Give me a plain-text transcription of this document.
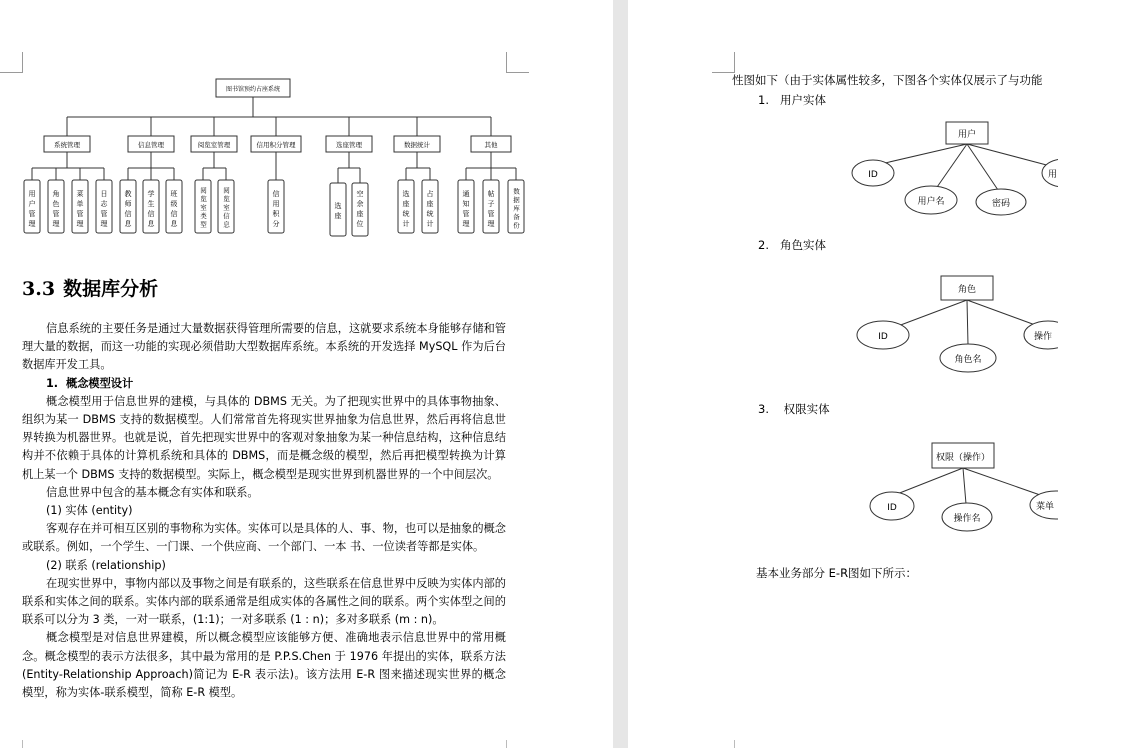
图书馆预约占座系统
系统管理
用户管理 角色管理 菜单管理 日志管理
信息管理
教师信息 学生信息 班级信息
阅览室管理
阅览室类型 阅览室信息
信用积分管理
信用积分
选座管理
选座 空余座位
数据统计
选座统计 占座统计
其他
通知管理 帖子管理	数据库备份
3.3 数据库分析

信息系统的主要任务是通过大量数据获得管理所需要的信息，这就要求系统本身能够存储和管理大量的数据，而这一功能的实现必须借助大型数据库系统。本系统的开发选择 MySQL 作为后台数据库开发工具。

1. 概念模型设计

概念模型用于信息世界的建模，与具体的 DBMS 无关。为了把现实世界中的具体事物抽象、组织为某一 DBMS 支持的数据模型。人们常常首先将现实世界抽象为信息世界，然后再将信息世界转换为机器世界。也就是说，首先把现实世界中的客观对象抽象为某一种信息结构，这种信息结构并不依赖于具体的计算机系统和具体的 DBMS，而是概念级的模型，然后再把模型转换为计算机上某一个 DBMS 支持的数据模型。实际上，概念模型是现实世界到机器世界的一个中间层次。

信息世界中包含的基本概念有实体和联系。

(1) 实体 (entity)

客观存在并可相互区别的事物称为实体。实体可以是具体的人、事、物，也可以是抽象的概念或联系。例如，一个学生、一门课、一个供应商、一个部门、一本 书、一位读者等都是实体。

(2) 联系 (relationship)

在现实世界中，事物内部以及事物之间是有联系的，这些联系在信息世界中反映为实体内部的联系和实体之间的联系。实体内部的联系通常是组成实体的各属性之间的联系。两个实体型之间的联系可以分为 3 类，一对一联系，(1:1)；一对多联系 (1 : n)；多对多联系 (m : n)。

概念模型是对信息世界建模，所以概念模型应该能够方便、准确地表示信息世界中的常用概念。概念模型的表示方法很多，其中最为常用的是 P.P.S.Chen 于 1976 年提出的实体，联系方法(Entity-Relationship Approach)简记为 E-R 表示法)。该方法用 E-R 图来描述现实世界的概念模型，称为实体-联系模型，简称 E-R 模型。

性图如下（由于实体属性较多，下图各个实体仅展示了与功能
1. 用户实体
2. 角色实体
3. 权限实体
用户
ID
用户名	密码
用
角色
ID
角色名
操作
权限（操作）
ID
操作名
菜单
基本业务部分 E-R图如下所示：
